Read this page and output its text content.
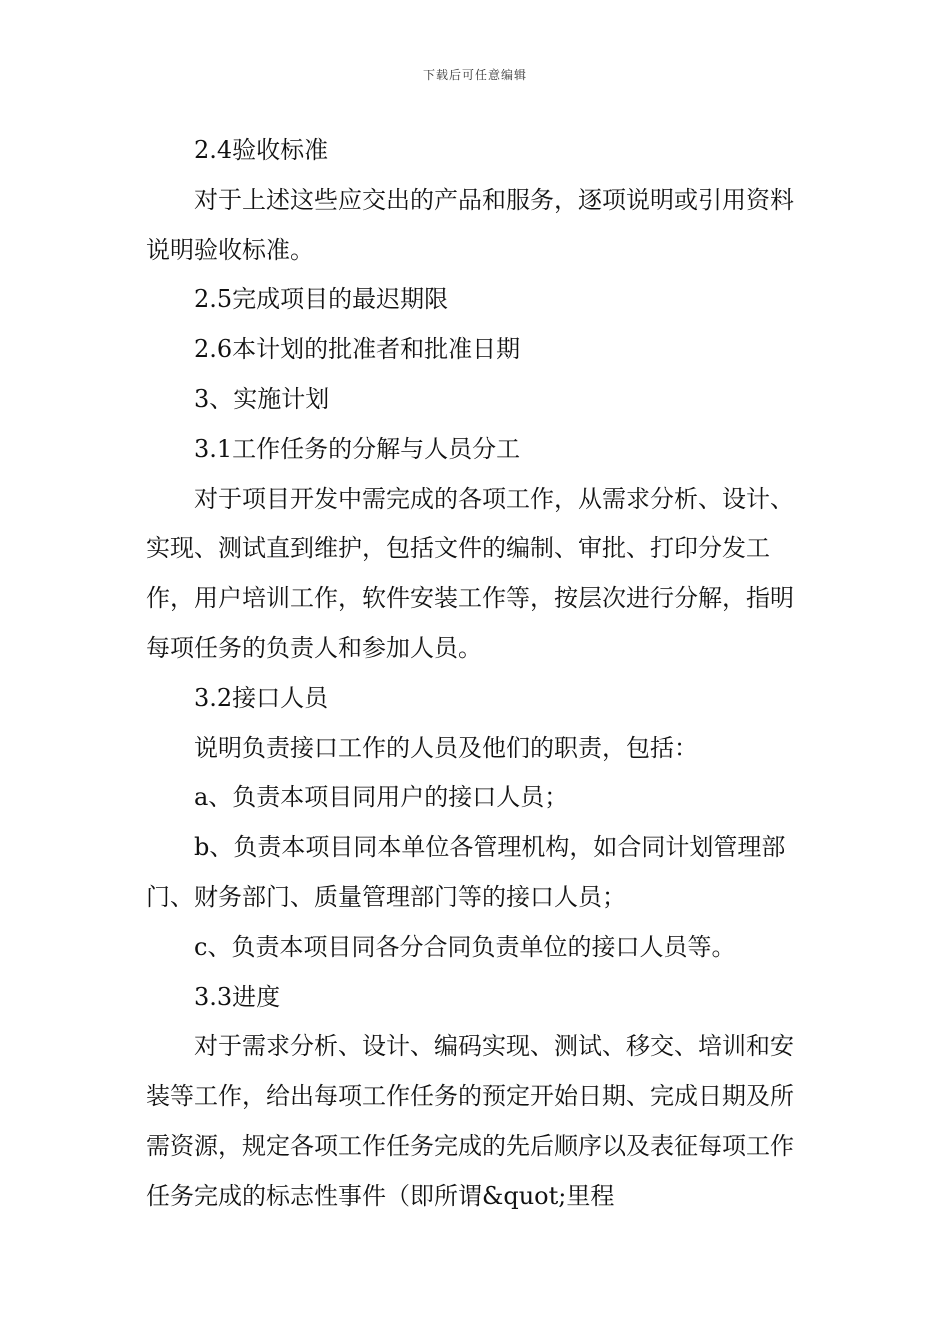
下载后可任意编辑

2.4验收标准

对于上述这些应交出的产品和服务，逐项说明或引用资料说明验收标准。

2.5完成项目的最迟期限

2.6本计划的批准者和批准日期

3、实施计划

3.1工作任务的分解与人员分工

对于项目开发中需完成的各项工作，从需求分析、设计、实现、测试直到维护，包括文件的编制、审批、打印分发工作，用户培训工作，软件安装工作等，按层次进行分解，指明每项任务的负责人和参加人员。

3.2接口人员

说明负责接口工作的人员及他们的职责，包括：

a、负责本项目同用户的接口人员；

b、负责本项目同本单位各管理机构，如合同计划管理部门、财务部门、质量管理部门等的接口人员；

c、负责本项目同各分合同负责单位的接口人员等。

3.3进度

对于需求分析、设计、编码实现、测试、移交、培训和安装等工作，给出每项工作任务的预定开始日期、完成日期及所需资源，规定各项工作任务完成的先后顺序以及表征每项工作任务完成的标志性事件（即所谓&quot;里程
